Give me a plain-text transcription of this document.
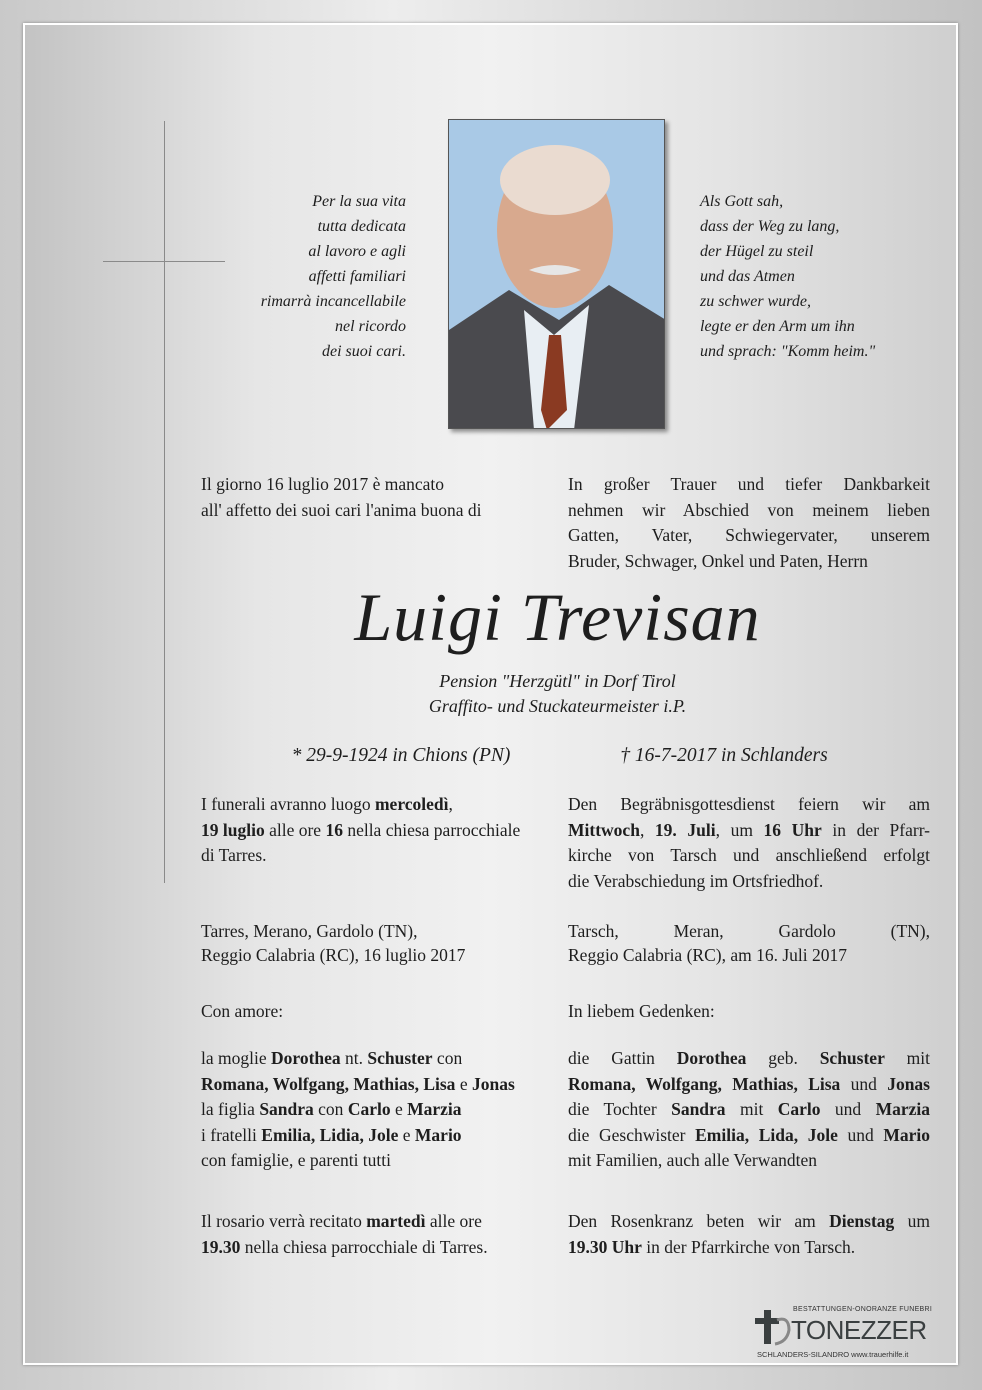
Per la sua vita
tutta dedicata
al lavoro e agli
affetti familiari
rimarrà incancellabile
nel ricordo
dei suoi cari.
Als Gott sah,
dass der Weg zu lang,
der Hügel zu steil
und das Atmen
zu schwer wurde,
legte er den Arm um ihn
und sprach: "Komm heim."
Il giorno 16 luglio 2017 è mancato
all' affetto dei suoi cari l'anima buona di
In großer Trauer und tiefer Dankbarkeit
nehmen wir Abschied von meinem lieben
Gatten, Vater, Schwiegervater, unserem
Bruder, Schwager, Onkel und Paten, Herrn
Luigi Trevisan
Pension "Herzgütl" in Dorf Tirol
Graffito- und Stuckateurmeister i.P.
* 29-9-1924 in Chions (PN)	† 16-7-2017 in Schlanders
I funerali avranno luogo mercoledì,
19 luglio alle ore 16 nella chiesa parrocchiale
di Tarres.
Den Begräbnisgottesdienst feiern wir am
Mittwoch, 19. Juli, um 16 Uhr in der Pfarr-
kirche von Tarsch und anschließend erfolgt
die Verabschiedung im Ortsfriedhof.
Tarres, Merano, Gardolo (TN),
Reggio Calabria (RC), 16 luglio 2017
Tarsch, Meran, Gardolo (TN),
Reggio Calabria (RC), am 16. Juli 2017
Con amore:	In liebem Gedenken:
la moglie Dorothea nt. Schuster con
Romana, Wolfgang, Mathias, Lisa e Jonas
la figlia Sandra con Carlo e Marzia
i fratelli Emilia, Lidia, Jole e Mario
con famiglie, e parenti tutti
die Gattin Dorothea geb. Schuster mit
Romana, Wolfgang, Mathias, Lisa und Jonas
die Tochter Sandra mit Carlo und Marzia
die Geschwister Emilia, Lida, Jole und Mario
mit Familien, auch alle Verwandten
Il rosario verrà recitato martedì alle ore
19.30 nella chiesa parrocchiale di Tarres.
Den Rosenkranz beten wir am Dienstag um
19.30 Uhr in der Pfarrkirche von Tarsch.
BESTATTUNGEN-ONORANZE FUNEBRI
TONEZZER
SCHLANDERS-SILANDRO www.trauerhilfe.it
